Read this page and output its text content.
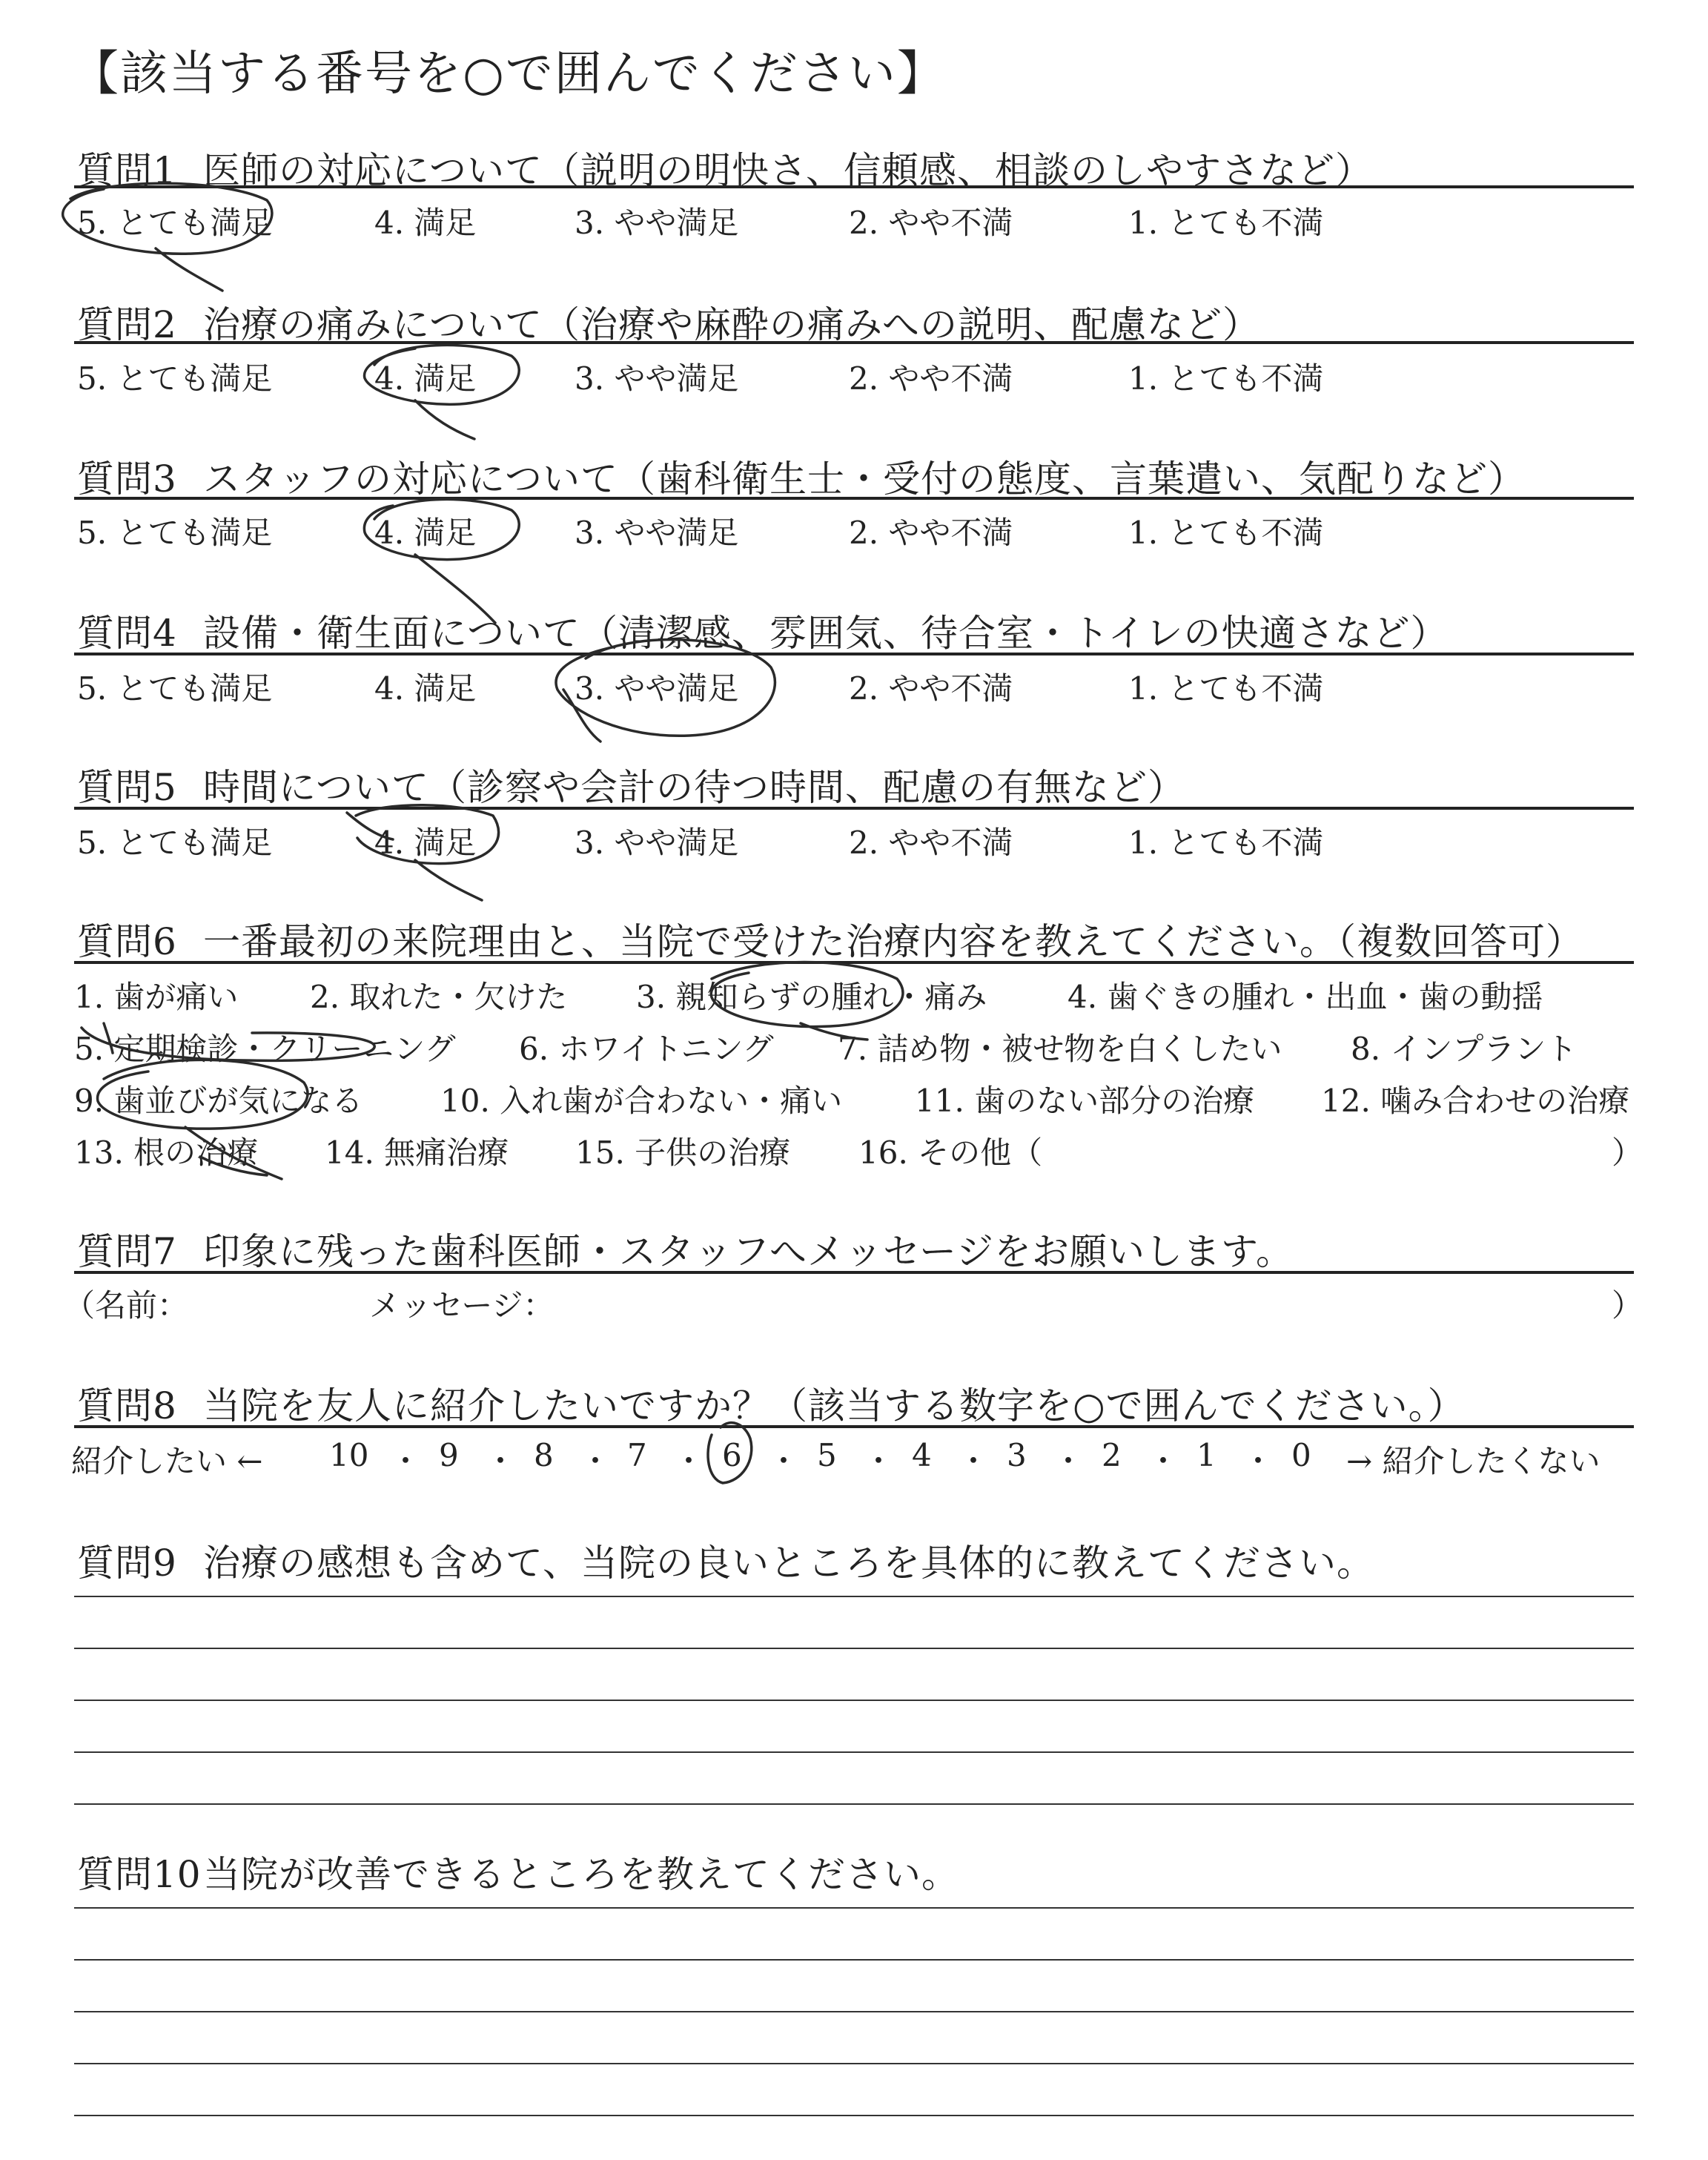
【該当する番号を○で囲んでください】
質問1 医師の対応について（説明の明快さ、信頼感、相談のしやすさなど）
5. とても満足	4. 満足	3. やや満足	2. やや不満	1. とても不満
質問2 治療の痛みについて（治療や麻酔の痛みへの説明、配慮など）
5. とても満足	4. 満足	3. やや満足	2. やや不満	1. とても不満
質問3 スタッフの対応について（歯科衛生士・受付の態度、言葉遣い、気配りなど）
5. とても満足	4. 満足	3. やや満足	2. やや不満	1. とても不満
質問4 設備・衛生面について（清潔感、雰囲気、待合室・トイレの快適さなど）
5. とても満足	4. 満足	3. やや満足	2. やや不満	1. とても不満
質問5 時間について（診察や会計の待つ時間、配慮の有無など）
5. とても満足	4. 満足	3. やや満足	2. やや不満	1. とても不満
質問6 一番最初の来院理由と、当院で受けた治療内容を教えてください。（複数回答可）
1. 歯が痛い 2. 取れた・欠けた 3. 親知らずの腫れ・痛み	4. 歯ぐきの腫れ・出血・歯の動揺
5. 定期検診・クリーニング 6. ホワイトニング 7. 詰め物・被せ物を白くしたい 8. インプラント
9. 歯並びが気になる 10. 入れ歯が合わない・痛い 11. 歯のない部分の治療 12. 噛み合わせの治療
13. 根の治療 14. 無痛治療 15. 子供の治療 16. その他（	）
質問7 印象に残った歯科医師・スタッフへメッセージをお願いします。
（名前：	メッセージ：	）
質問8 当院を友人に紹介したいですか？（該当する数字を○で囲んでください。）
紹介したい ← 10 ・ 9 ・ 8 ・ 7 ・ 6 ・ 5 ・ 4 ・ 3 ・ 2 ・ 1 ・ 0 → 紹介したくない
質問9 治療の感想も含めて、当院の良いところを具体的に教えてください。
質問10当院が改善できるところを教えてください。
